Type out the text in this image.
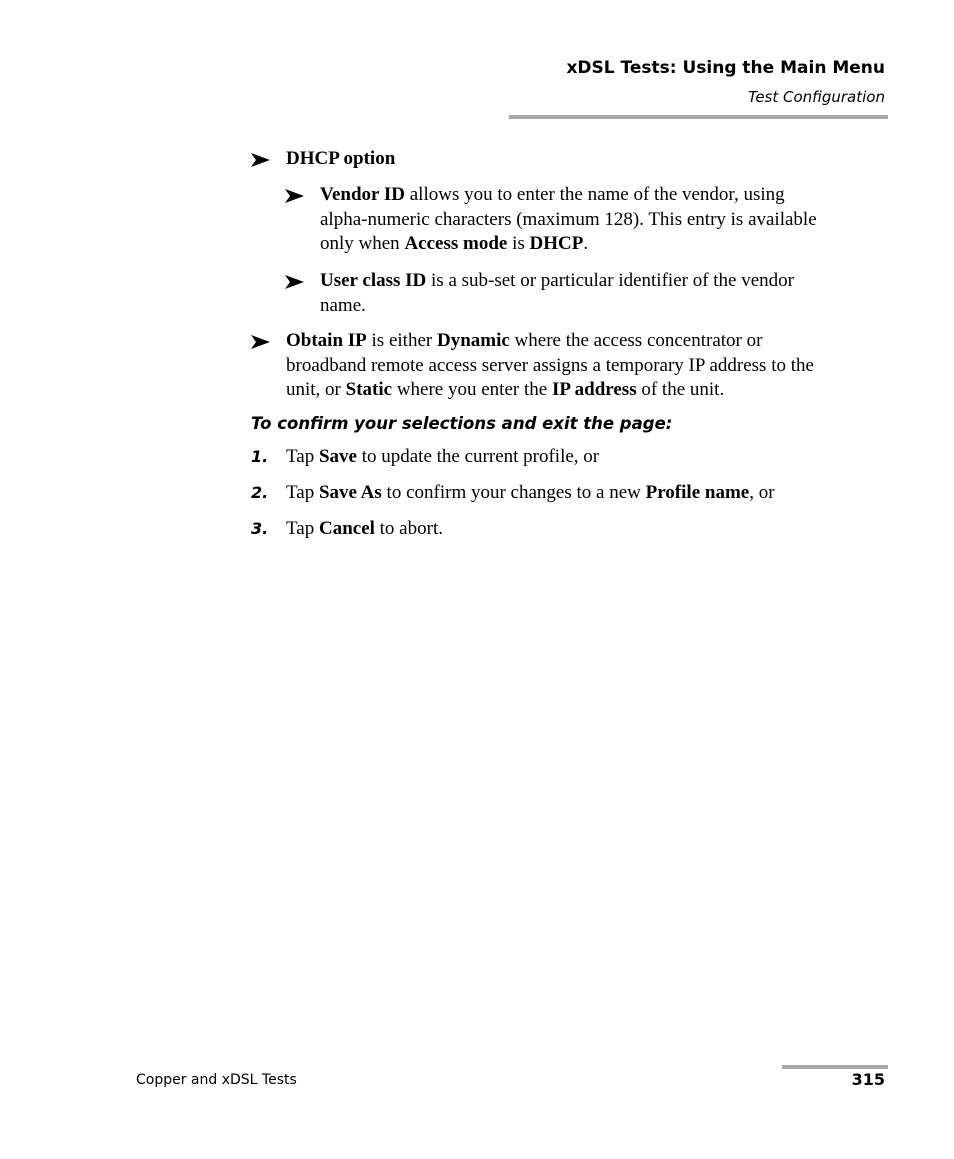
xDSL Tests: Using the Main Menu
Test Configuration
DHCP option
Vendor ID allows you to enter the name of the vendor, using
alpha-numeric characters (maximum 128). This entry is available
only when Access mode is DHCP.
User class ID is a sub-set or particular identifier of the vendor
name.
Obtain IP is either Dynamic where the access concentrator or
broadband remote access server assigns a temporary IP address to the
unit, or Static where you enter the IP address of the unit.
To confirm your selections and exit the page:
1. Tap Save to update the current profile, or
2. Tap Save As to confirm your changes to a new Profile name, or
3. Tap Cancel to abort.
Copper and xDSL Tests	315
